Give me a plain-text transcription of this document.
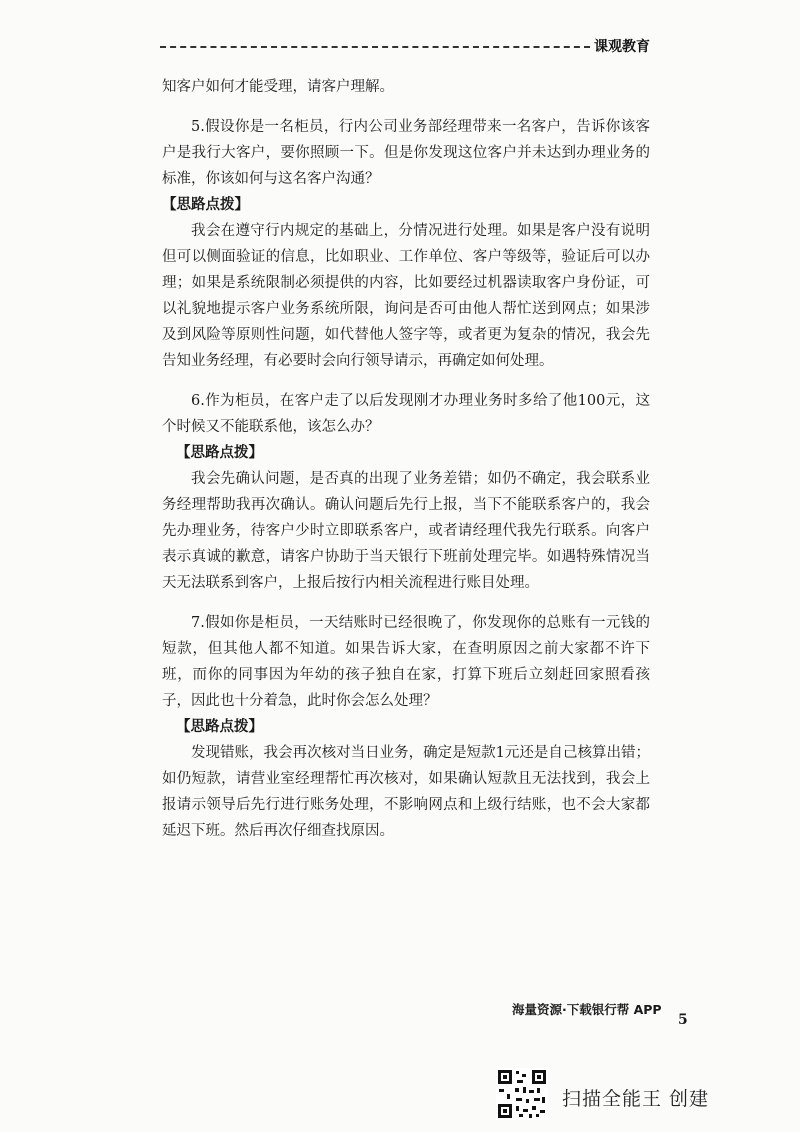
课观教育

知客户如何才能受理，请客户理解。

5.假设你是一名柜员，行内公司业务部经理带来一名客户，告诉你该客户是我行大客户，要你照顾一下。但是你发现这位客户并未达到办理业务的标准，你该如何与这名客户沟通？

【思路点拨】

我会在遵守行内规定的基础上，分情况进行处理。如果是客户没有说明但可以侧面验证的信息，比如职业、工作单位、客户等级等，验证后可以办理；如果是系统限制必须提供的内容，比如要经过机器读取客户身份证，可以礼貌地提示客户业务系统所限，询问是否可由他人帮忙送到网点；如果涉及到风险等原则性问题，如代替他人签字等，或者更为复杂的情况，我会先告知业务经理，有必要时会向行领导请示，再确定如何处理。

6.作为柜员，在客户走了以后发现刚才办理业务时多给了他100元，这个时候又不能联系他，该怎么办？

【思路点拨】

我会先确认问题，是否真的出现了业务差错；如仍不确定，我会联系业务经理帮助我再次确认。确认问题后先行上报，当下不能联系客户的，我会先办理业务，待客户少时立即联系客户，或者请经理代我先行联系。向客户表示真诚的歉意，请客户协助于当天银行下班前处理完毕。如遇特殊情况当天无法联系到客户，上报后按行内相关流程进行账目处理。

7.假如你是柜员，一天结账时已经很晚了，你发现你的总账有一元钱的短款，但其他人都不知道。如果告诉大家，在查明原因之前大家都不许下班，而你的同事因为年幼的孩子独自在家，打算下班后立刻赶回家照看孩子，因此也十分着急，此时你会怎么处理？

【思路点拨】

发现错账，我会再次核对当日业务，确定是短款1元还是自己核算出错；如仍短款，请营业室经理帮忙再次核对，如果确认短款且无法找到，我会上报请示领导后先行进行账务处理，不影响网点和上级行结账，也不会大家都延迟下班。然后再次仔细查找原因。

海量资源·下载银行帮 APP
5
扫描全能王 创建
